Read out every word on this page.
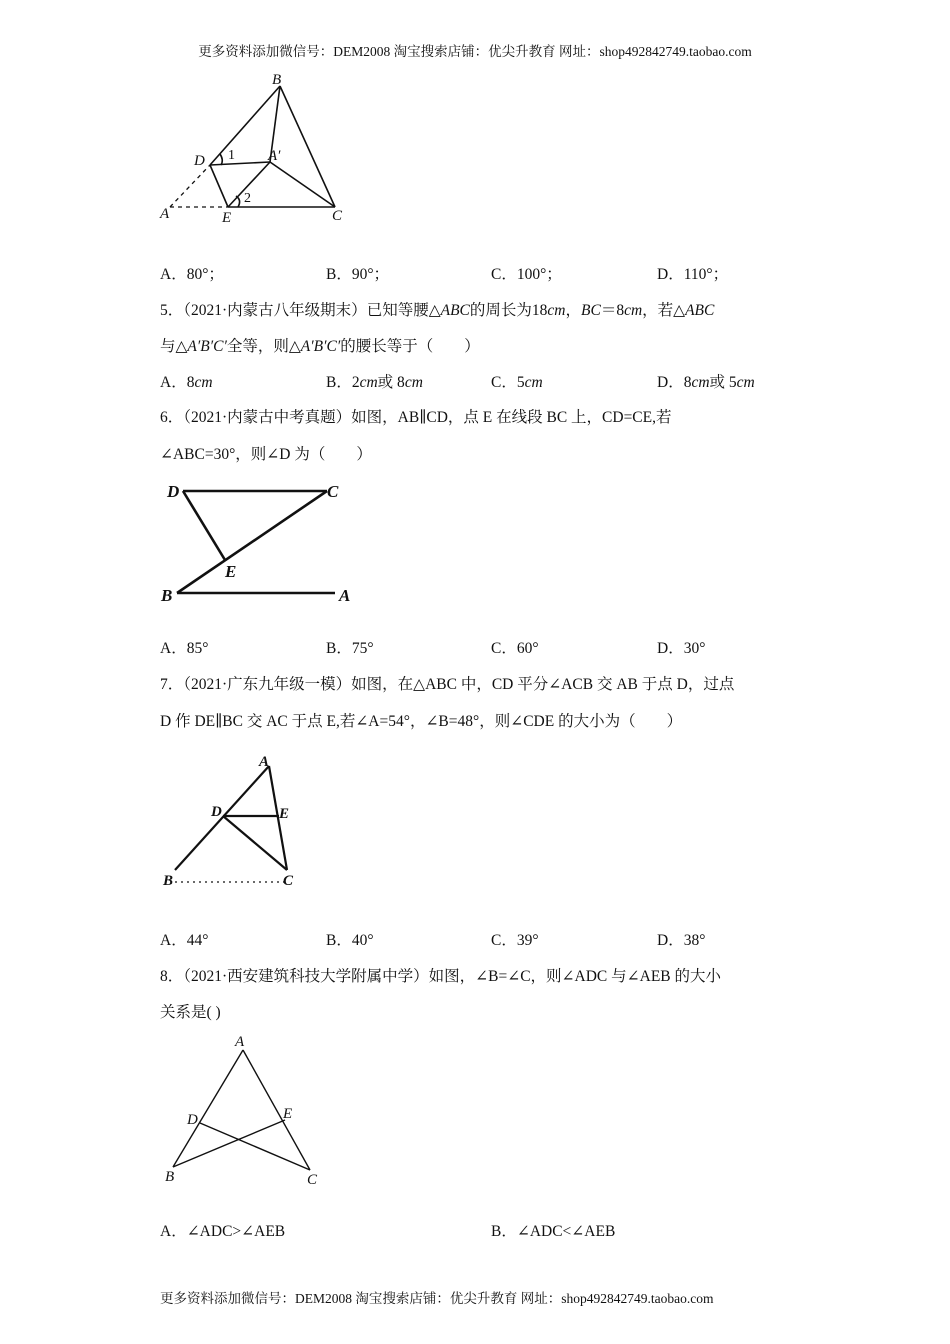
更多资料添加微信号：DEM2008 淘宝搜索店铺：优尖升教育 网址：shop492842749.taobao.com
B
D	A′
1
2
A	E	C
A．80°；	B．90°；	C．100°；	D．110°；
5．（2021·内蒙古八年级期末）已知等腰△ABC的周长为18cm，BC＝8cm，若△ABC
与△A′B′C′全等，则△A′B′C′的腰长等于（　　）
A．8cm	B．2cm或 8cm	C．5cm	D．8cm或 5cm
6．（2021·内蒙古中考真题）如图，AB∥CD，点 E 在线段 BC 上，CD=CE,若
∠ABC=30°，则∠D 为（　　）
D	C
E
B	A
A．85°	B．75°	C．60°	D．30°
7．（2021·广东九年级一模）如图，在△ABC 中，CD 平分∠ACB 交 AB 于点 D，过点
D 作 DE∥BC 交 AC 于点 E,若∠A=54°，∠B=48°，则∠CDE 的大小为（　　）
A
D	E
B	C
A．44°	B．40°	C．39°	D．38°
8．（2021·西安建筑科技大学附属中学）如图，∠B=∠C，则∠ADC 与∠AEB 的大小
关系是( )
A
D	E
B	C
A．∠ADC>∠AEB	B．∠ADC<∠AEB
更多资料添加微信号：DEM2008 淘宝搜索店铺：优尖升教育 网址：shop492842749.taobao.com
